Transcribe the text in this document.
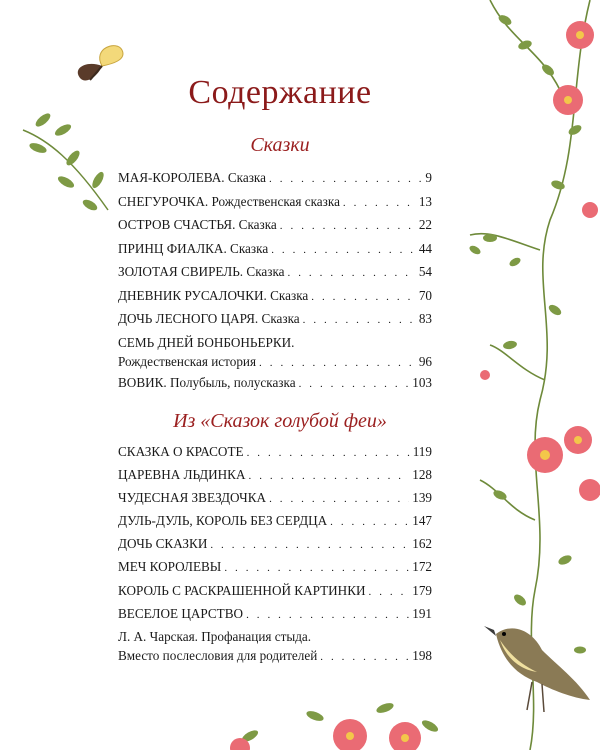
Содержание
Сказки
МАЯ-КОРОЛЕВА. Сказка . . .	9
СНЕГУРОЧКА. Рождественская сказка . . .	13
ОСТРОВ СЧАСТЬЯ. Сказка . . .	22
ПРИНЦ ФИАЛКА. Сказка . . .	44
ЗОЛОТАЯ СВИРЕЛЬ. Сказка . . .	54
ДНЕВНИК РУСАЛОЧКИ. Сказка . . .	70
ДОЧЬ ЛЕСНОГО ЦАРЯ. Сказка . . .	83
СЕМЬ ДНЕЙ БОНБОНЬЕРКИ.
Рождественская история . . .	96
ВОВИК. Полубыль, полусказка . . .	103
Из «Сказок голубой феи»
СКАЗКА О КРАСОТЕ . . .	119
ЦАРЕВНА ЛЬДИНКА . . .	128
ЧУДЕСНАЯ ЗВЕЗДОЧКА . . .	139
ДУЛЬ-ДУЛЬ, КОРОЛЬ БЕЗ СЕРДЦА . . .	147
ДОЧЬ СКАЗКИ . . .	162
МЕЧ КОРОЛЕВЫ . . .	172
КОРОЛЬ С РАСКРАШЕННОЙ КАРТИНКИ . . .	179
ВЕСЕЛОЕ ЦАРСТВО . . .	191
Л. А. Чарская. Профанация стыда.
Вместо послесловия для родителей . . .	198
